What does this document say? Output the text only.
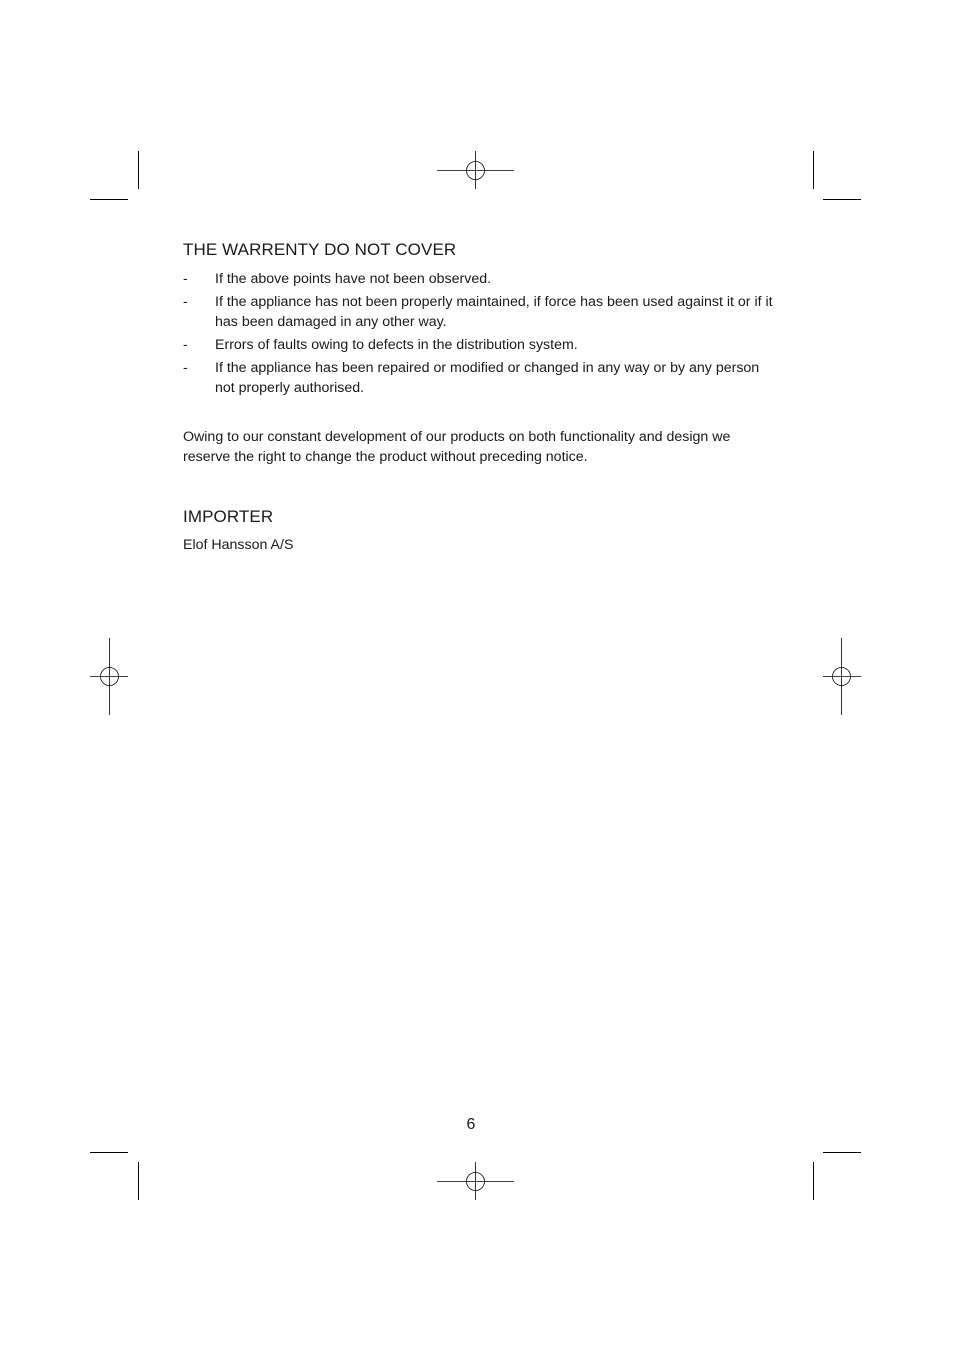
THE WARRENTY DO NOT COVER
- If the above points have not been observed.
- If the appliance has not been properly maintained, if force has been used against it or if it has been damaged in any other way.
- Errors of faults owing to defects in the distribution system.
- If the appliance has been repaired or modified or changed in any way or by any person not properly authorised.

Owing to our constant development of our products on both functionality and design we reserve the right to change the product without preceding notice.

IMPORTER

Elof Hansson A/S

6
